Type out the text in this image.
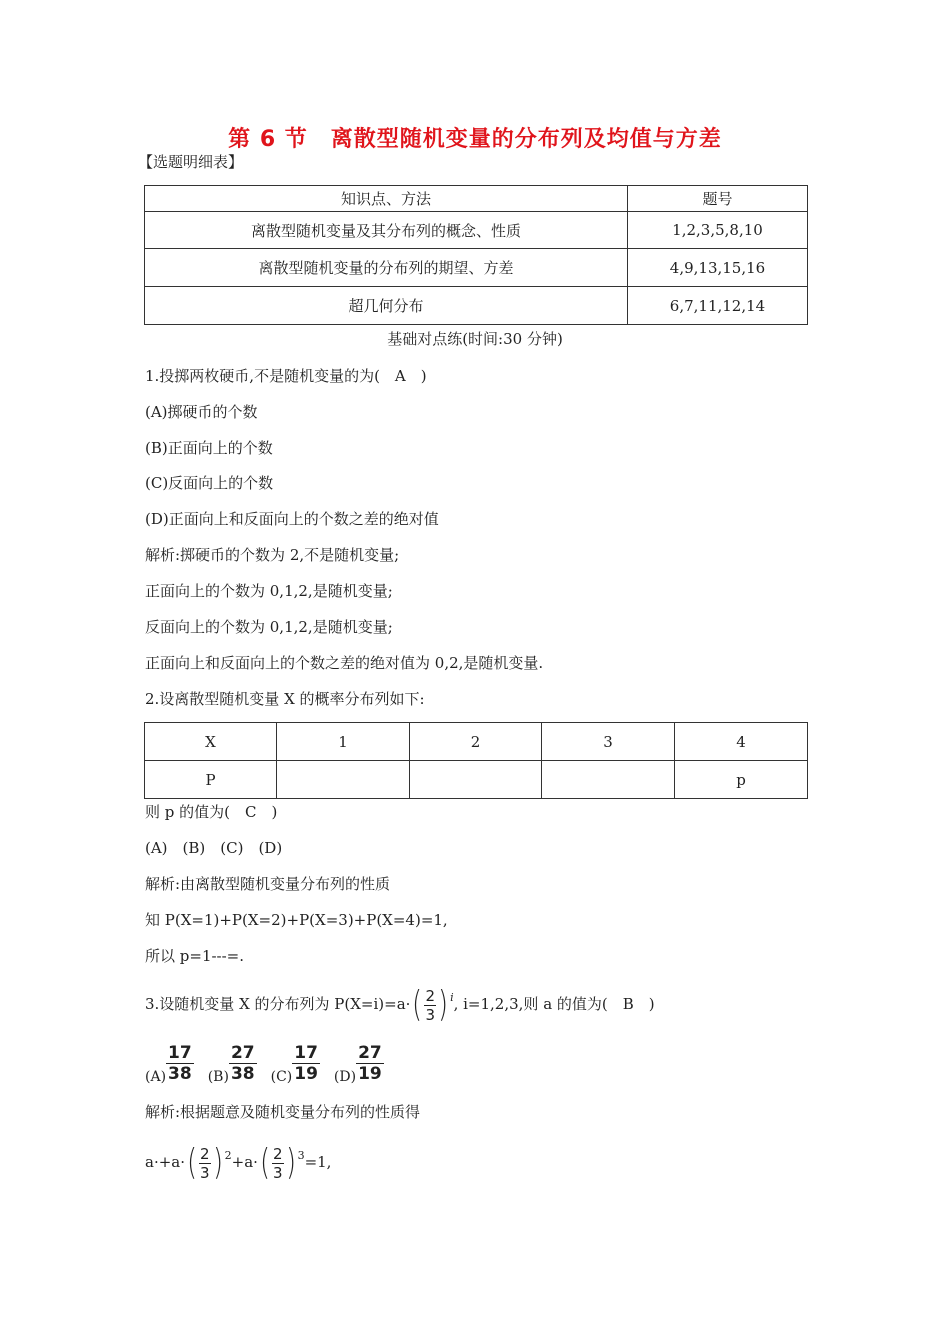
第 6 节　离散型随机变量的分布列及均值与方差
【选题明细表】
知识点、方法	题号
离散型随机变量及其分布列的概念、性质	1,2,3,5,8,10
离散型随机变量的分布列的期望、方差	4,9,13,15,16
超几何分布	6,7,11,12,14
基础对点练(时间:30 分钟)
1.投掷两枚硬币,不是随机变量的为(　A　)
(A)掷硬币的个数
(B)正面向上的个数
(C)反面向上的个数
(D)正面向上和反面向上的个数之差的绝对值
解析:掷硬币的个数为 2,不是随机变量;
正面向上的个数为 0,1,2,是随机变量;
反面向上的个数为 0,1,2,是随机变量;
正面向上和反面向上的个数之差的绝对值为 0,2,是随机变量.
2.设离散型随机变量 X 的概率分布列如下:
X	1	2	3	4
P				p
则 p 的值为(　C　)
(A)　(B)　(C)　(D)
解析:由离散型随机变量分布列的性质
知 P(X=1)+P(X=2)+P(X=3)+P(X=4)=1,
所以 p=1---=.
3.设随机变量 X 的分布列为 $P(X=i)=a\cdot( \frac{2}{3}$ ) $^i$, i=1,2,3,则 a 的值为(　B　)
$(A) \frac{17}{38} (B) \frac{27}{38} (C) \frac{17}{19} (D) \frac{27}{19}$
解析:根据题意及随机变量分布列的性质得
$a\cdot+a\cdot( \frac{2}{3}$ ) $^2+a\cdot( \frac{2}{3}$ ) $^3$=1,
